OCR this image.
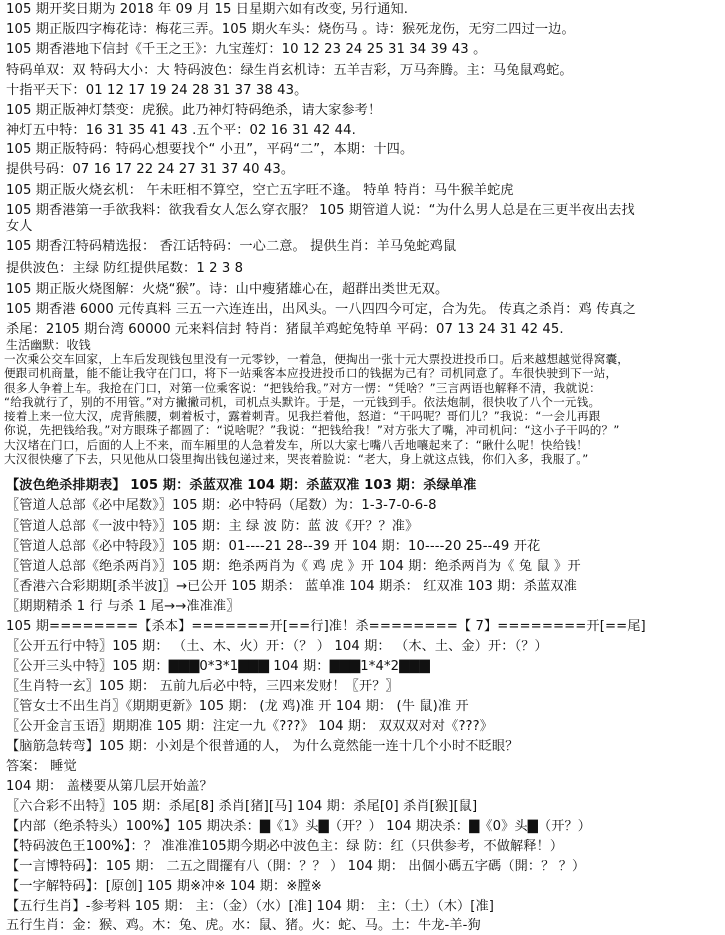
105 期开奖日期为 2018 年 09 月 15 日星期六如有改变, 另行通知.
105 期正版四字梅花诗：梅花三弄。105 期火车头：烧伤马 。诗：猴死龙伤，无穷二四过一边。
105 期香港地下信封《千王之王》：九宝莲灯：10 12 23 24 25 31 34 39 43 。
特码单双：双 特码大小：大 特码波色：绿生肖玄机诗：五羊吉彩，万马奔腾。主：马兔鼠鸡蛇。
十指平天下：01 12 17 19 24 28 31 37 38 43。
105 期正版神灯禁变：虎猴。此乃神灯特码绝杀，请大家参考！
神灯五中特：16 31 35 41 43 .五个平：02 16 31 42 44.
105 期正版特码：特码心想要找个“ 小丑”，平码“二”，本期：十四。
提供号码：07 16 17 22 24 27 31 37 40 43。
105 期正版火烧玄机： 午未旺相不算空，空亡五字旺不逢。 特单 特肖：马牛猴羊蛇虎
105 期香港第一手欲我料：欲我看女人怎么穿衣服？ 105 期管道人说：“为什么男人总是在三更半夜出去找
女人
105 期香江特码精选报： 香江话特码：一心二意。 提供生肖：羊马兔蛇鸡鼠
提供波色：主绿 防红提供尾数：1 2 3 8
105 期正版火烧图解：火烧“猴”。诗：山中瘦猪雄心在，超群出类世无双。
105 期香港 6000 元传真料 三五一六连连出，出风头。一八四四今可定，合为先。 传真之杀肖：鸡 传真之
杀尾：2105 期台湾 60000 元来料信封 特肖：猪鼠羊鸡蛇兔特单 平码：07 13 24 31 42 45.
生活幽默：收钱
一次乘公交车回家，上车后发现钱包里没有一元零钞，一着急，便掏出一张十元大票投进投币口。后来越想越觉得窝囊，
便跟司机商量，能不能让我守在门口，将下一站乘客本应投进投币口的钱据为己有？司机同意了。车很快驶到下一站，
很多人争着上车。我抢在门口，对第一位乘客说：“把钱给我。”对方一愣：“凭啥？”三言两语也解释不清，我就说：
“给我就行了，别的不用管。”对方撇撇司机，司机点头默许。于是，一元钱到手。依法炮制，很快收了八个一元钱。
接着上来一位大汉，虎背熊腰，刺着板寸，露着刺青。见我拦着他，怒道：“干吗呢？哥们儿？”我说：“一会儿再跟
你说，先把钱给我。”对方眼珠子都圆了：“说啥呢？”我说：“把钱给我！”对方张大了嘴，冲司机问：“这小子干吗的？”
大汉堵在门口，后面的人上不来，而车厢里的人急着发车，所以大家七嘴八舌地嚷起来了：“瞅什么呢！快给钱！
大汉很快瘪了下去，只见他从口袋里掏出钱包递过来，哭丧着脸说：“老大，身上就这点钱，你们入多，我服了。”
【波色绝杀排期表】 105 期：杀蓝双准 104 期：杀蓝双准 103 期：杀绿单准
〖管道人总部《必中尾数》〗105 期：必中特码（尾数）为：1-3-7-0-6-8
〖管道人总部《一波中特》〗105 期：主 绿 波 防：蓝 波《开？？准》
〖管道人总部《必中特段》〗105 期：01----21 28--39 开 104 期：10----20 25--49 开花
〖管道人总部《绝杀两肖》〗105 期：绝杀两肖为《 鸡 虎 》开 104 期：绝杀两肖为《 兔 鼠 》开
〖香港六合彩期期[杀半波]〗→已公开 105 期杀： 蓝单准 104 期杀： 红双准 103 期：杀蓝双准
〖期期精杀 1 行 与杀 1 尾→→准准准〗
105 期========【杀本】=======开[==行]准！杀========【 7】========开[==尾]
〖公开五行中特〗105 期： （土、木、火）开：（？ ） 104 期： （木、土、金）开：（？）
〖公开三头中特〗105 期：▇▇▇0*3*1▇▇▇ 104 期：▇▇▇1*4*2▇▇▇
〖生肖特一玄〗105 期： 五前九后必中特，三四来发财！〖开？〗
〖管女士不出生肖〗《期期更新》105 期： (龙 鸡)准 开 104 期： (牛 鼠)准 开
〖公开金言玉语〗期期准 105 期：注定一九《???》 104 期： 双双双对对《???》
【脑筋急转弯】105 期：小刘是个很普通的人， 为什么竟然能一连十几个小时不眨眼？
答案： 睡觉
104 期： 盖楼要从第几层开始盖？
〖六合彩不出特〗105 期：杀尾[8] 杀肖[猪][马] 104 期：杀尾[0] 杀肖[猴][鼠]
【内部（绝杀特头）100%】105 期决杀：▇《1》头▇（开？） 104 期决杀：▇《0》头▇（开？）
【特码波色王100%】：？ 准准准105期今期必中波色主：绿 防：红（只供参考，不做解释！）
【一言博特码】：105 期： 二五之間擺有八（開：？？ ） 104 期： 出個小碼五字碼（開：？ ？）
【一字解特码】：[原创] 105 期※冲※ 104 期：※膛※
【五行生肖】-参考料 105 期： 主：（金）（水）[准] 104 期： 主：（土）（木）[准]
五行生肖：金：猴、鸡。木：兔、虎。水：鼠、猪。火：蛇、马。土：牛龙-羊-狗
